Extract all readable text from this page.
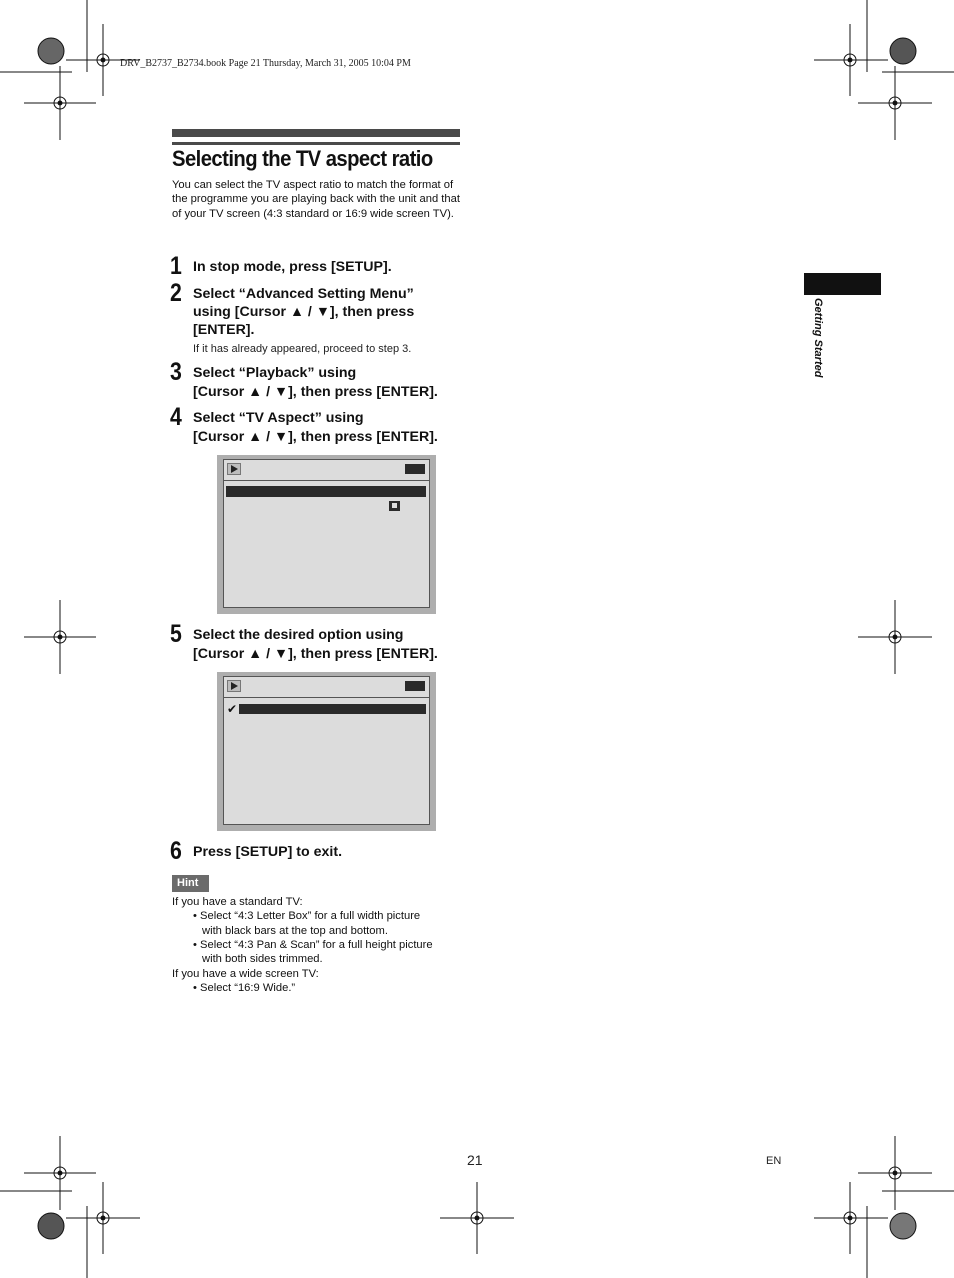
DRV_B2737_B2734.book Page 21 Thursday, March 31, 2005 10:04 PM
Selecting the TV aspect ratio
You can select the TV aspect ratio to match the format of the programme you are playing back with the unit and that of your TV screen (4:3 standard or 16:9 wide screen TV).
1 In stop mode, press [SETUP].
2 Select “Advanced Setting Menu”
using [Cursor ▲ / ▼], then press
[ENTER].
If it has already appeared, proceed to step 3.
3 Select “Playback” using
[Cursor ▲ / ▼], then press [ENTER].
4 Select “TV Aspect” using
[Cursor ▲ / ▼], then press [ENTER].
5 Select the desired option using
[Cursor ▲ / ▼], then press [ENTER].
✔
6 Press [SETUP] to exit.
Hint
If you have a standard TV:
• Select “4:3 Letter Box” for a full width picture
with black bars at the top and bottom.
• Select “4:3 Pan & Scan” for a full height picture
with both sides trimmed.
If you have a wide screen TV:
• Select “16:9 Wide.”
Getting Started
21	EN
